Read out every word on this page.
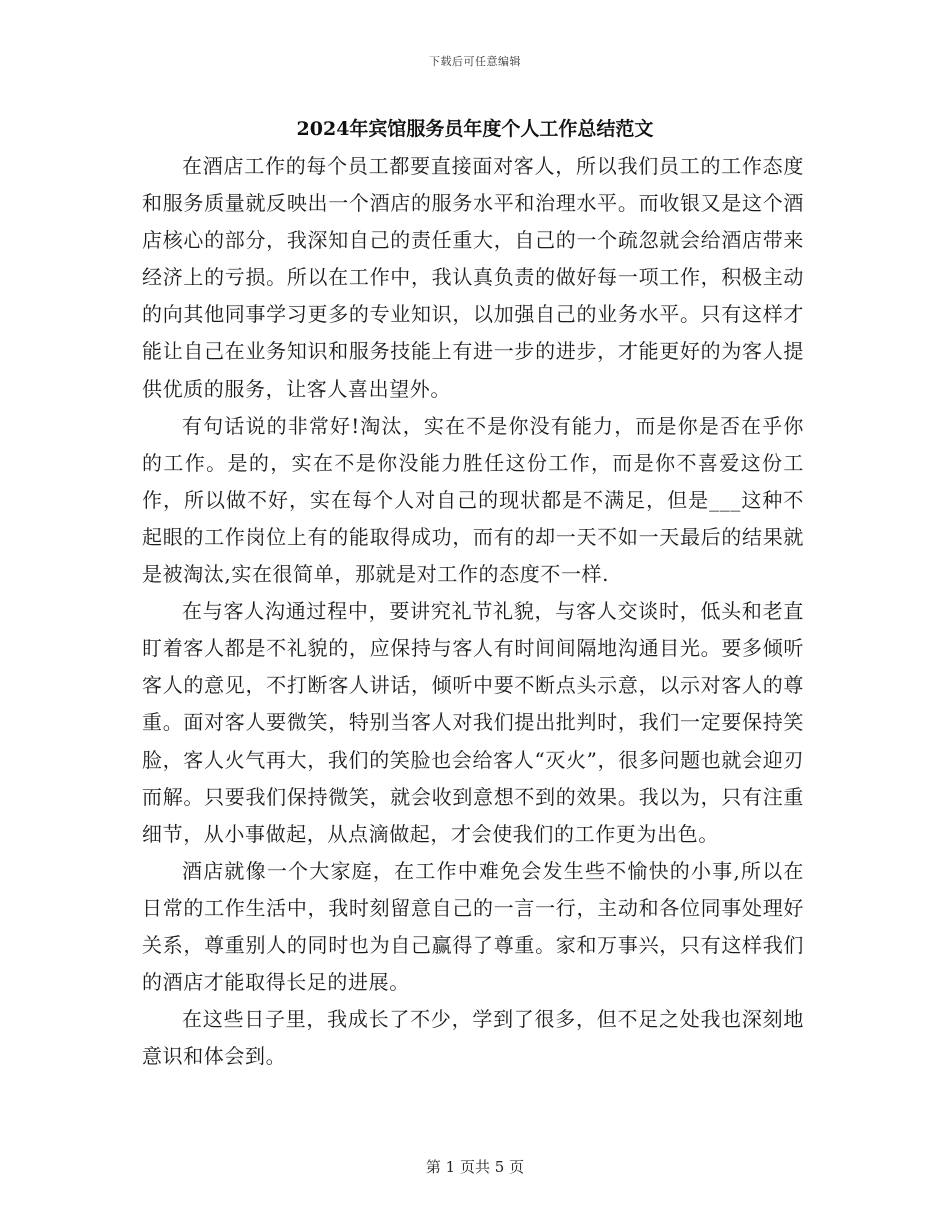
下载后可任意编辑
2024年宾馆服务员年度个人工作总结范文

在酒店工作的每个员工都要直接面对客人，所以我们员工的工作态度和服务质量就反映出一个酒店的服务水平和治理水平。而收银又是这个酒店核心的部分，我深知自己的责任重大，自己的一个疏忽就会给酒店带来经济上的亏损。所以在工作中，我认真负责的做好每一项工作，积极主动的向其他同事学习更多的专业知识，以加强自己的业务水平。只有这样才能让自己在业务知识和服务技能上有进一步的进步，才能更好的为客人提供优质的服务，让客人喜出望外。

有句话说的非常好!淘汰，实在不是你没有能力，而是你是否在乎你的工作。是的，实在不是你没能力胜任这份工作，而是你不喜爱这份工作，所以做不好，实在每个人对自己的现状都是不满足，但是___这种不起眼的工作岗位上有的能取得成功，而有的却一天不如一天最后的结果就是被淘汰,实在很简单，那就是对工作的态度不一样.

在与客人沟通过程中，要讲究礼节礼貌，与客人交谈时，低头和老直盯着客人都是不礼貌的，应保持与客人有时间间隔地沟通目光。要多倾听客人的意见，不打断客人讲话，倾听中要不断点头示意，以示对客人的尊重。面对客人要微笑，特别当客人对我们提出批判时，我们一定要保持笑脸，客人火气再大，我们的笑脸也会给客人“灭火”，很多问题也就会迎刃而解。只要我们保持微笑，就会收到意想不到的效果。我以为，只有注重细节，从小事做起，从点滴做起，才会使我们的工作更为出色。

酒店就像一个大家庭，在工作中难免会发生些不愉快的小事,所以在日常的工作生活中，我时刻留意自己的一言一行，主动和各位同事处理好关系，尊重别人的同时也为自己赢得了尊重。家和万事兴，只有这样我们的酒店才能取得长足的进展。

在这些日子里，我成长了不少，学到了很多，但不足之处我也深刻地意识和体会到。

第 1 页共 5 页
